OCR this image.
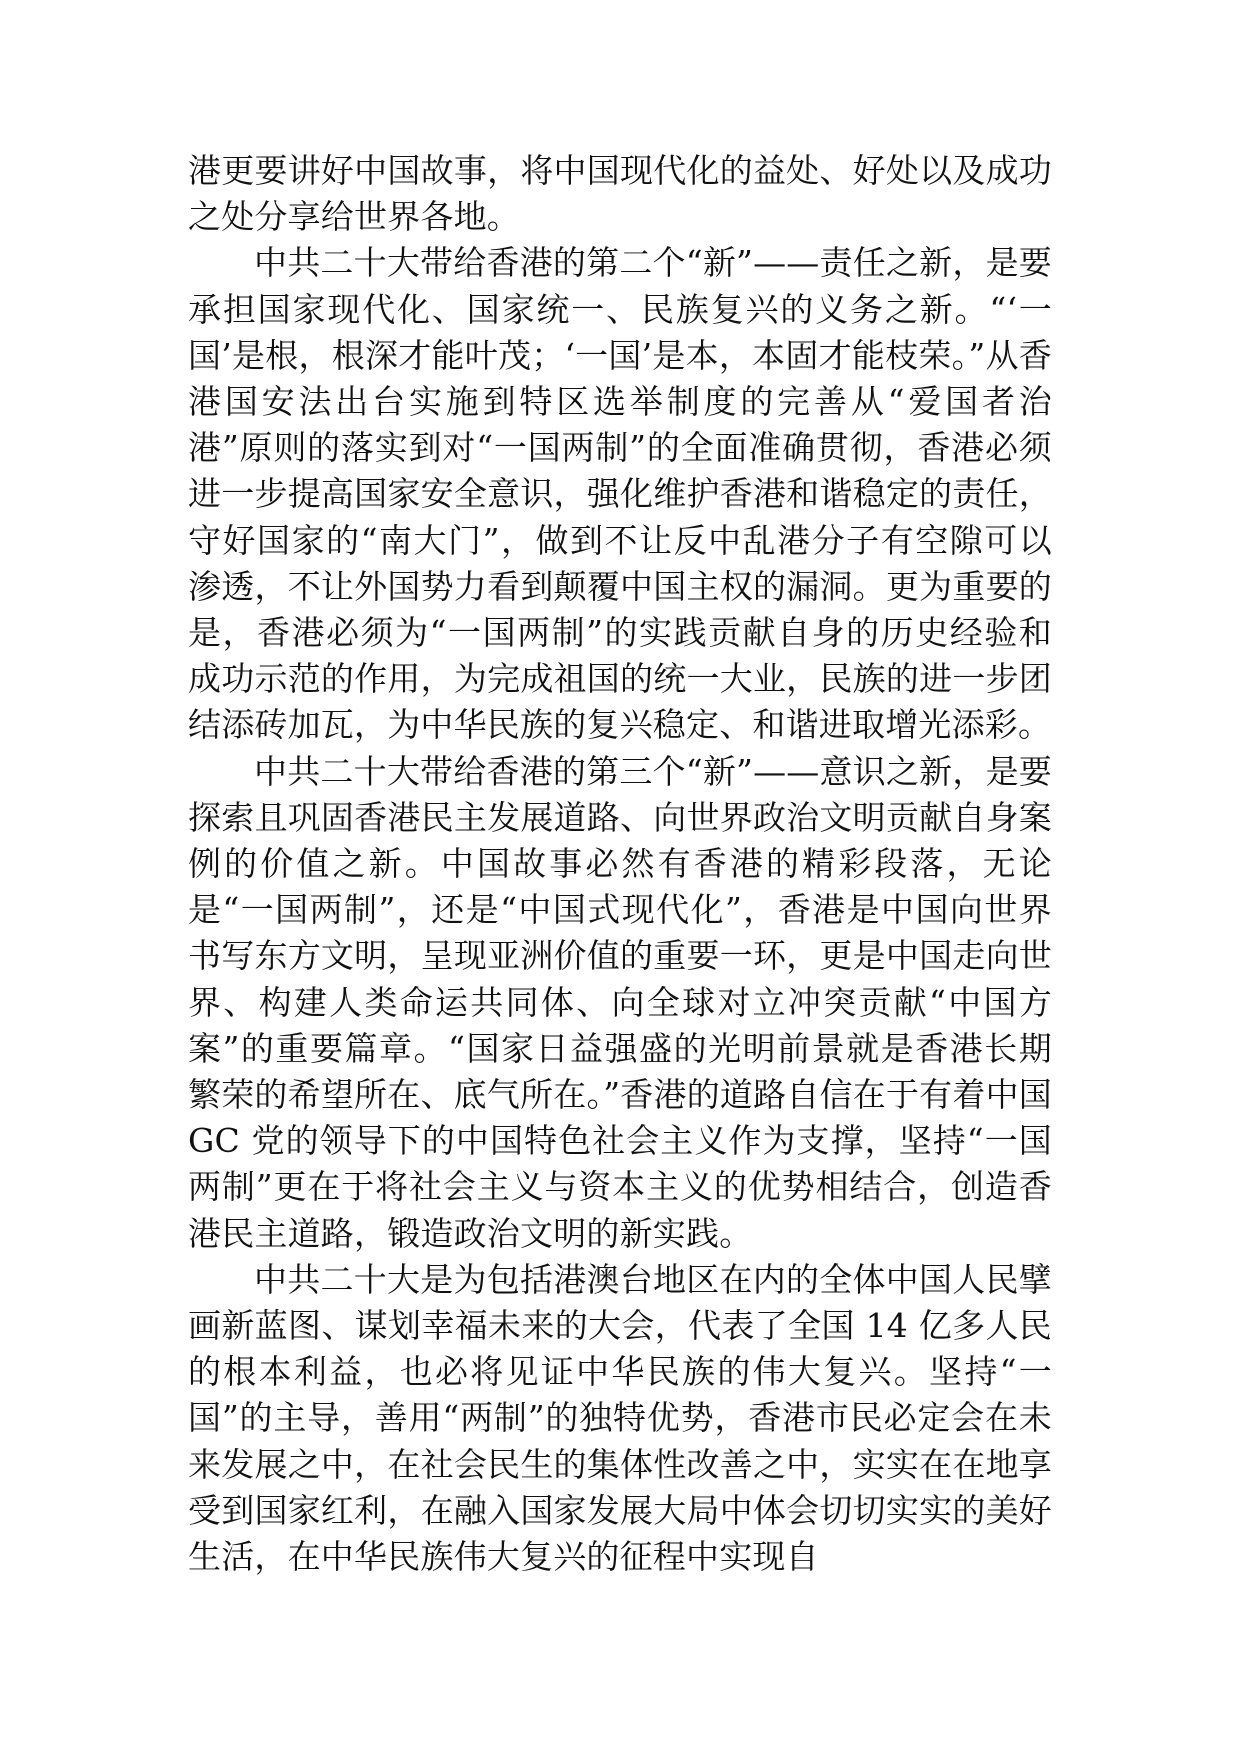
港更要讲好中国故事，将中国现代化的益处、好处以及成功之处分享给世界各地。

中共二十大带给香港的第二个“新”——责任之新，是要承担国家现代化、国家统一、民族复兴的义务之新。“‘一国’是根，根深才能叶茂；‘一国’是本，本固才能枝荣。”从香港国安法出台实施到特区选举制度的完善从“爱国者治港”原则的落实到对“一国两制”的全面准确贯彻，香港必须进一步提高国家安全意识，强化维护香港和谐稳定的责任，守好国家的“南大门”，做到不让反中乱港分子有空隙可以渗透，不让外国势力看到颠覆中国主权的漏洞。更为重要的是，香港必须为“一国两制”的实践贡献自身的历史经验和成功示范的作用，为完成祖国的统一大业，民族的进一步团结添砖加瓦，为中华民族的复兴稳定、和谐进取增光添彩。

中共二十大带给香港的第三个“新”——意识之新，是要探索且巩固香港民主发展道路、向世界政治文明贡献自身案例的价值之新。中国故事必然有香港的精彩段落，无论是“一国两制”，还是“中国式现代化”，香港是中国向世界书写东方文明，呈现亚洲价值的重要一环，更是中国走向世界、构建人类命运共同体、向全球对立冲突贡献“中国方案”的重要篇章。“国家日益强盛的光明前景就是香港长期繁荣的希望所在、底气所在。”香港的道路自信在于有着中国 GC 党的领导下的中国特色社会主义作为支撑，坚持“一国两制”更在于将社会主义与资本主义的优势相结合，创造香港民主道路，锻造政治文明的新实践。

中共二十大是为包括港澳台地区在内的全体中国人民擘画新蓝图、谋划幸福未来的大会，代表了全国 14 亿多人民的根本利益，也必将见证中华民族的伟大复兴。坚持“一国”的主导，善用“两制”的独特优势，香港市民必定会在未来发展之中，在社会民生的集体性改善之中，实实在在地享受到国家红利，在融入国家发展大局中体会切切实实的美好生活，在中华民族伟大复兴的征程中实现自
